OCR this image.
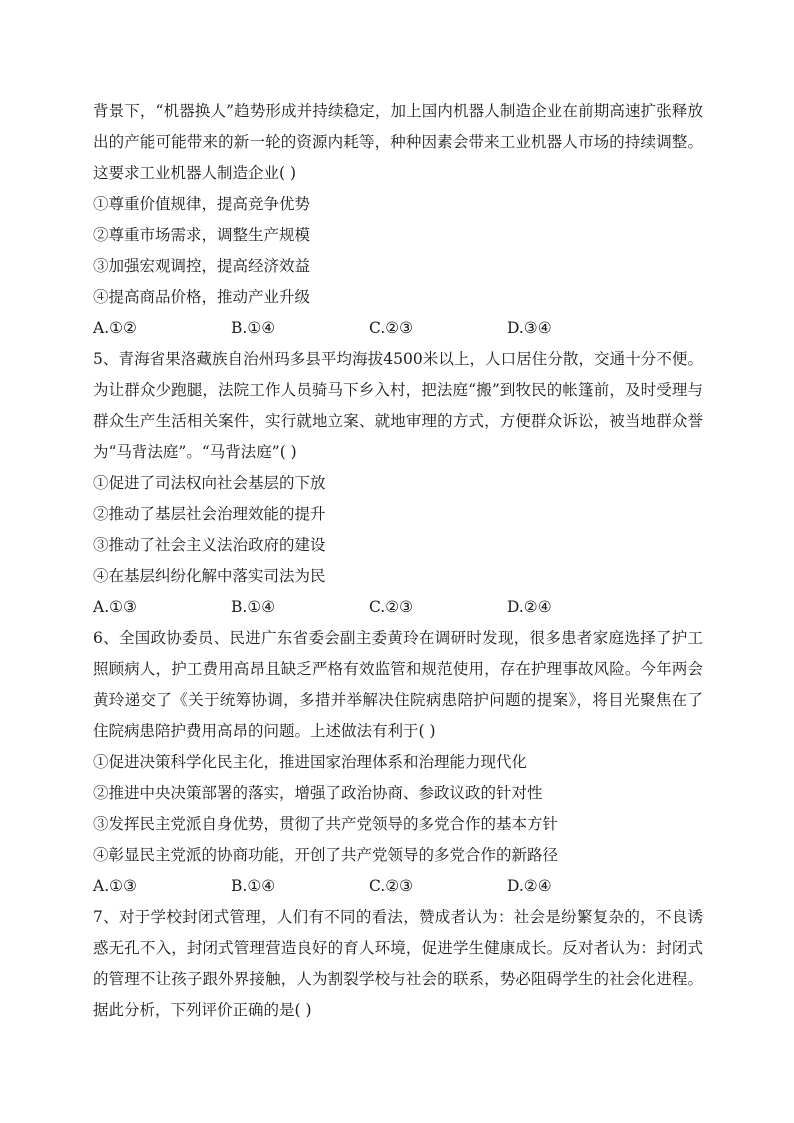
背景下，“机器换人”趋势形成并持续稳定，加上国内机器人制造企业在前期高速扩张释放出的产能可能带来的新一轮的资源内耗等，种种因素会带来工业机器人市场的持续调整。这要求工业机器人制造企业( )

①尊重价值规律，提高竞争优势

②尊重市场需求，调整生产规模

③加强宏观调控，提高经济效益

④提高商品价格，推动产业升级

A.①②	B.①④	C.②③	D.③④

5、青海省果洛藏族自治州玛多县平均海拔4500米以上，人口居住分散，交通十分不便。为让群众少跑腿，法院工作人员骑马下乡入村，把法庭“搬”到牧民的帐篷前，及时受理与群众生产生活相关案件，实行就地立案、就地审理的方式，方便群众诉讼，被当地群众誉为“马背法庭”。“马背法庭”( )

①促进了司法权向社会基层的下放

②推动了基层社会治理效能的提升

③推动了社会主义法治政府的建设

④在基层纠纷化解中落实司法为民

A.①③	B.①④	C.②③	D.②④

6、全国政协委员、民进广东省委会副主委黄玲在调研时发现，很多患者家庭选择了护工照顾病人，护工费用高昂且缺乏严格有效监管和规范使用，存在护理事故风险。今年两会黄玲递交了《关于统筹协调，多措并举解决住院病患陪护问题的提案》，将目光聚焦在了住院病患陪护费用高昂的问题。上述做法有利于( )

①促进决策科学化民主化，推进国家治理体系和治理能力现代化

②推进中央决策部署的落实，增强了政治协商、参政议政的针对性

③发挥民主党派自身优势，贯彻了共产党领导的多党合作的基本方针

④彰显民主党派的协商功能，开创了共产党领导的多党合作的新路径

A.①③	B.①④	C.②③	D.②④

7、对于学校封闭式管理，人们有不同的看法，赞成者认为：社会是纷繁复杂的，不良诱惑无孔不入，封闭式管理营造良好的育人环境，促进学生健康成长。反对者认为：封闭式的管理不让孩子跟外界接触，人为割裂学校与社会的联系，势必阻碍学生的社会化进程。据此分析，下列评价正确的是( )
